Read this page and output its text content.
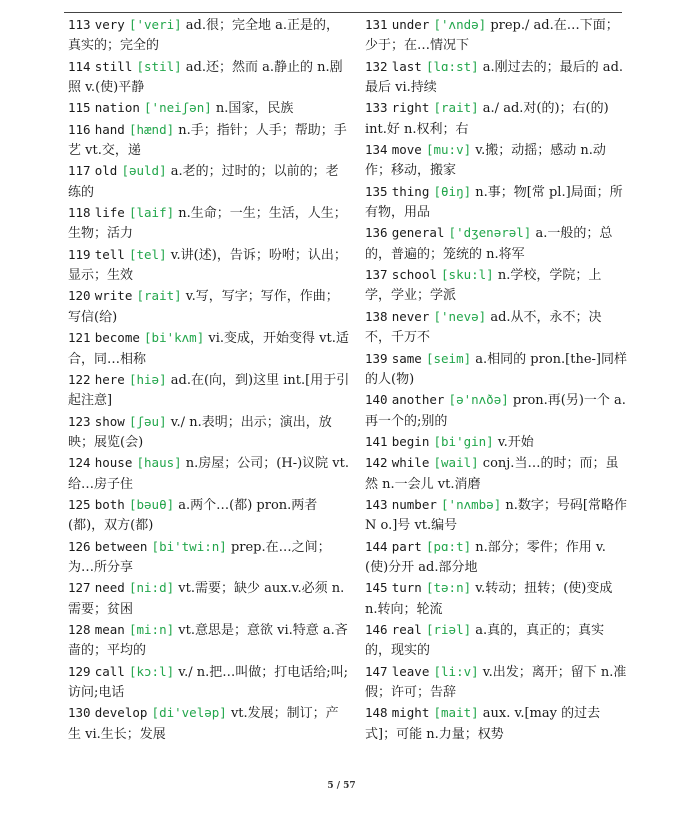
113 very ['veri] ad.很；完全地 a.正是的，真实的；完全的

114 still [stil] ad.还；然而 a.静止的 n.剧照 v.(使)平静

115 nation ['neiʃən] n.国家，民族

116 hand [hænd] n.手；指针；人手；帮助；手艺 vt.交，递

117 old [əuld] a.老的；过时的；以前的；老练的

118 life [laif] n.生命；一生；生活，人生；生物；活力

119 tell [tel] v.讲(述)，告诉；吩咐；认出；显示；生效

120 write [rait] v.写，写字；写作，作曲；写信(给)

121 become [bi'kʌm] vi.变成，开始变得 vt.适合，同…相称

122 here [hiə] ad.在(向，到)这里 int.[用于引起注意]

123 show [ʃəu] v./ n.表明；出示；演出，放映；展览(会)

124 house [haus] n.房屋；公司；(H-)议院 vt.给…房子住

125 both [bəuθ] a.两个…(都) pron.两者(都)，双方(都)

126 between [bi'twi:n] prep.在…之间；为…所分享

127 need [ni:d] vt.需要；缺少 aux.v.必须 n.需要；贫困

128 mean [mi:n] vt.意思是；意欲 vi.特意 a.吝啬的；平均的

129 call [kɔ:l] v./ n.把…叫做；打电话给;叫;访问;电话

130 develop [di'veləp] vt.发展；制订；产生 vi.生长；发展

131 under ['ʌndə] prep./ ad.在…下面；少于；在…情况下

132 last [lɑ:st] a.刚过去的；最后的 ad.最后 vi.持续

133 right [rait] a./ ad.对(的)；右(的) int.好 n.权利；右

134 move [mu:v] v.搬；动摇；感动 n.动作；移动，搬家

135 thing [θiŋ] n.事；物[常 pl.]局面；所有物，用品

136 general ['dʒenərəl] a.一般的；总的，普遍的；笼统的 n.将军

137 school [sku:l] n.学校，学院；上学，学业；学派

138 never ['nevə] ad.从不，永不；决不，千万不

139 same [seim] a.相同的 pron.[the-]同样的人(物)

140 another [ə'nʌðə] pron.再(另)一个 a.再一个的;别的

141 begin [bi'gin] v.开始

142 while [wail] conj.当…的时；而；虽然 n.一会儿 vt.消磨

143 number ['nʌmbə] n.数字；号码[常略作 N o.]号 vt.编号

144 part [pɑ:t] n.部分；零件；作用 v.(使)分开 ad.部分地

145 turn [tə:n] v.转动；扭转；(使)变成 n.转向；轮流

146 real [riəl] a.真的，真正的；真实的，现实的

147 leave [li:v] v.出发；离开；留下 n.准假；许可；告辞

148 might [mait] aux. v.[may 的过去式]；可能 n.力量；权势

5 / 57
